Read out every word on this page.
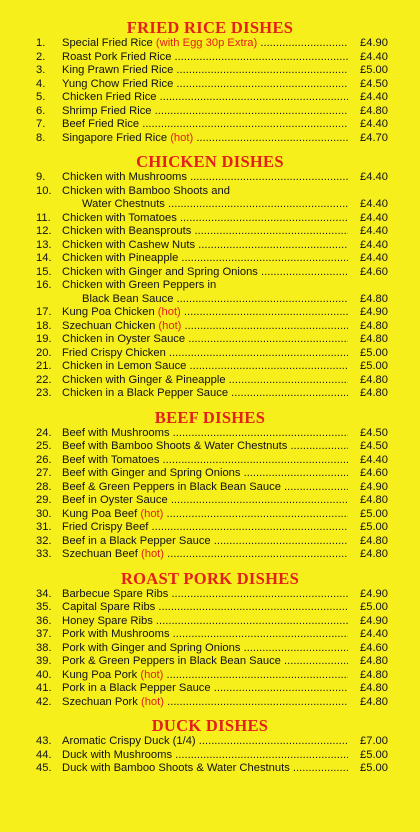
FRIED RICE DISHES
1.	Special Fried Rice (with Egg 30p Extra) .....	£4.90
2.	Roast Pork Fried Rice .....	£4.40
3.	King Prawn Fried Rice .....	£5.00
4.	Yung Chow Fried Rice .....	£4.50
5.	Chicken Fried Rice .....	£4.40
6.	Shrimp Fried Rice .....	£4.80
7.	Beef Fried Rice .....	£4.40
8.	Singapore Fried Rice (hot) .....	£4.70
CHICKEN DISHES
9.	Chicken with Mushrooms .....	£4.40
10. Chicken with Bamboo Shoots and
Water Chestnuts .....	£4.40
11.	Chicken with Tomatoes .....	£4.40
12. Chicken with Beansprouts .....	£4.40
13. Chicken with Cashew Nuts .....	£4.40
14. Chicken with Pineapple .....	£4.40
15. Chicken with Ginger and Spring Onions .....	£4.60
16. Chicken with Green Peppers in
Black Bean Sauce .....	£4.80
17. Kung Poa Chicken (hot) .....	£4.90
18. Szechuan Chicken (hot) .....	£4.80
19. Chicken in Oyster Sauce .....	£4.80
20. Fried Crispy Chicken .....	£5.00
21. Chicken in Lemon Sauce .....	£5.00
22. Chicken with Ginger & Pineapple .....	£4.80
23. Chicken in a Black Pepper Sauce .....	£4.80
BEEF DISHES
24. Beef with Mushrooms .....	£4.50
25. Beef with Bamboo Shoots & Water Chestnuts .....	£4.50
26. Beef with Tomatoes .....	£4.40
27. Beef with Ginger and Spring Onions .....	£4.60
28. Beef & Green Peppers in Black Bean Sauce .....	£4.90
29. Beef in Oyster Sauce .....	£4.80
30. Kung Poa Beef (hot) .....	£5.00
31. Fried Crispy Beef .....	£5.00
32. Beef in a Black Pepper Sauce .....	£4.80
33. Szechuan Beef (hot) .....	£4.80
ROAST PORK DISHES
34. Barbecue Spare Ribs .....	£4.90
35. Capital Spare Ribs .....	£5.00
36. Honey Spare Ribs .....	£4.90
37. Pork with Mushrooms .....	£4.40
38. Pork with Ginger and Spring Onions .....	£4.60
39. Pork & Green Peppers in Black Bean Sauce .....	£4.80
40. Kung Poa Pork (hot) .....	£4.80
41. Pork in a Black Pepper Sauce .....	£4.80
42. Szechuan Pork (hot) .....	£4.80
DUCK DISHES
43. Aromatic Crispy Duck (1/4) .....	£7.00
44. Duck with Mushrooms .....	£5.00
45. Duck with Bamboo Shoots & Water Chestnuts .....	£5.00
